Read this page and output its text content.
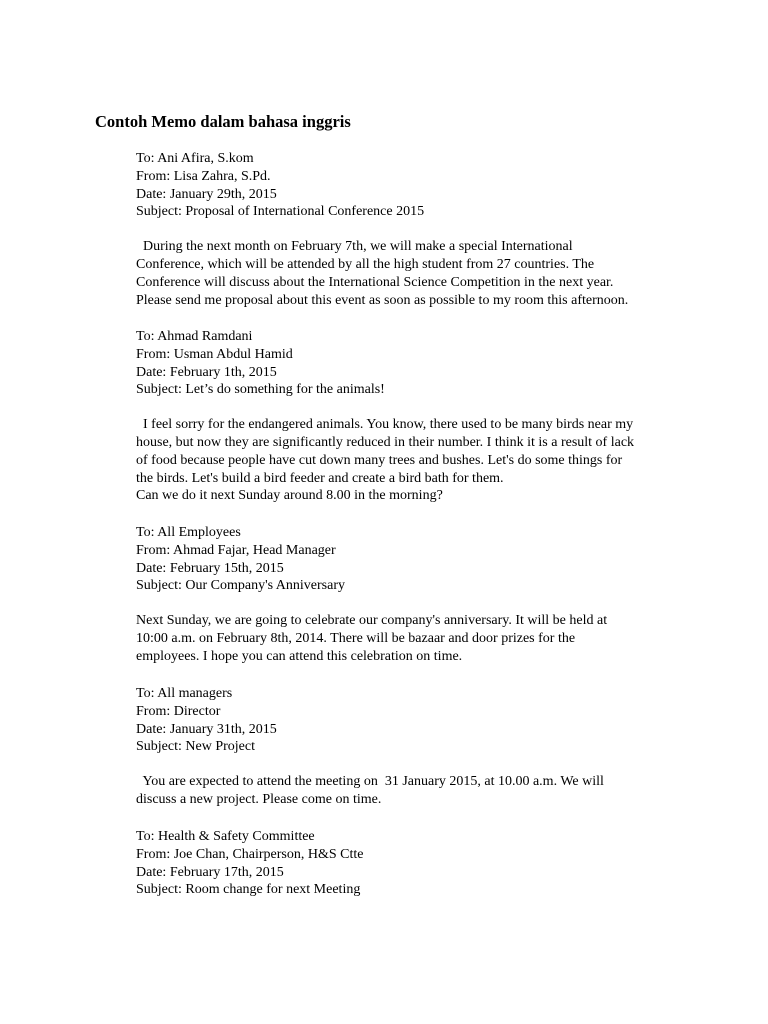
Contoh Memo dalam bahasa inggris
To: Ani Afira, S.kom
From: Lisa Zahra, S.Pd.
Date: January 29th, 2015
Subject: Proposal of International Conference 2015
During the next month on February 7th, we will make a special International
Conference, which will be attended by all the high student from 27 countries. The
Conference will discuss about the International Science Competition in the next year.
Please send me proposal about this event as soon as possible to my room this afternoon.
To: Ahmad Ramdani
From: Usman Abdul Hamid
Date: February 1th, 2015
Subject: Let’s do something for the animals!
I feel sorry for the endangered animals. You know, there used to be many birds near my
house, but now they are significantly reduced in their number. I think it is a result of lack
of food because people have cut down many trees and bushes. Let's do some things for
the birds. Let's build a bird feeder and create a bird bath for them.
Can we do it next Sunday around 8.00 in the morning?
To: All Employees
From: Ahmad Fajar, Head Manager
Date: February 15th, 2015
Subject: Our Company's Anniversary
Next Sunday, we are going to celebrate our company's anniversary. It will be held at
10:00 a.m. on February 8th, 2014. There will be bazaar and door prizes for the
employees. I hope you can attend this celebration on time.
To: All managers
From: Director
Date: January 31th, 2015
Subject: New Project
You are expected to attend the meeting on  31 January 2015, at 10.00 a.m. We will
discuss a new project. Please come on time.
To: Health & Safety Committee
From: Joe Chan, Chairperson, H&S Ctte
Date: February 17th, 2015
Subject: Room change for next Meeting
